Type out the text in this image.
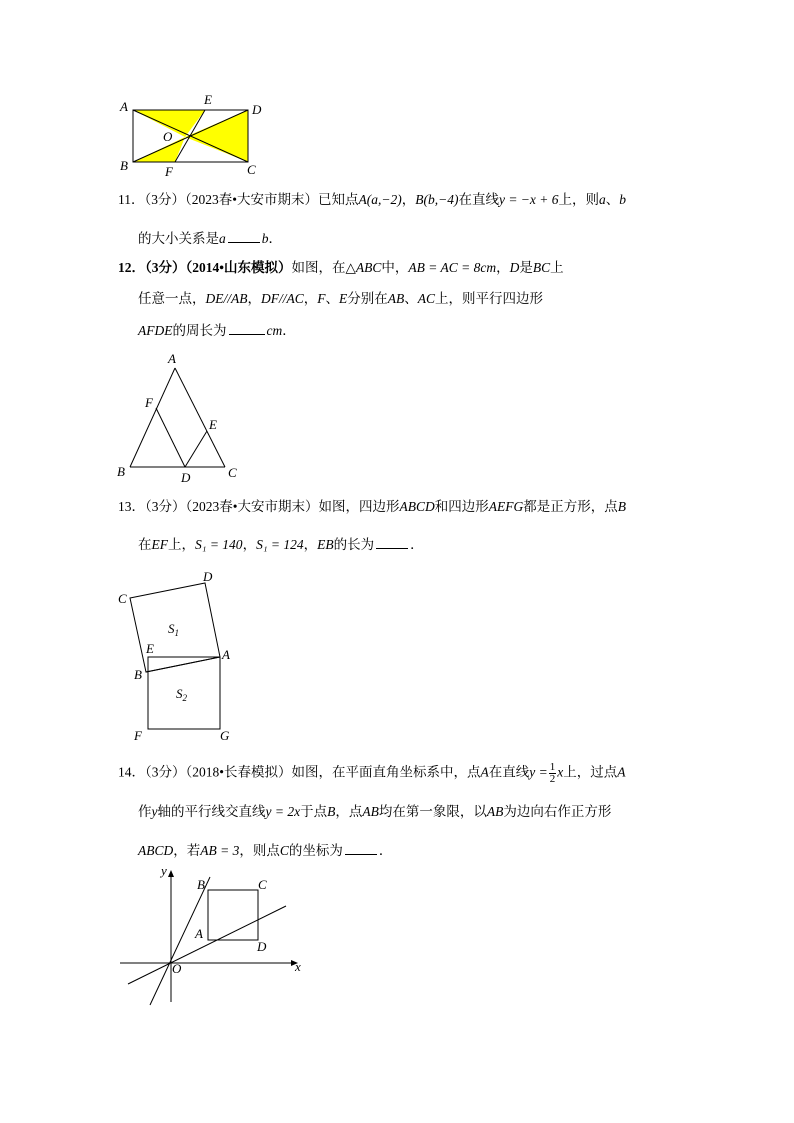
A
B	C
D
E
F
O
11．（3分）（2023春•大安市期末）已知点A(a,−2)，B(b,−4)在直线y = −x + 6上，则a、b
的大小关系是a	b．
12．（3分）（2014•山东模拟）如图，在△ABC中，AB = AC = 8cm，D是BC上
任意一点，DE//AB，DF//AC，F、E分别在AB、AC上，则平行四边形
AFDE的周长为	cm．
A
B	C
D
E
F
13．（3分）（2023春•大安市期末）如图，四边形ABCD和四边形AEFG都是正方形，点B
在EF上，S₁ = 140，S₁ = 124，EB的长为	．
C
D
A
E
B
F	G
$S_1$
$S_2$
14．（3分）（2018•长春模拟）如图，在平面直角坐标系中，点A在直线$y = \frac{1}{2}$ x上，过点A
作y轴的平行线交直线y = 2x于点B，点AB均在第一象限，以AB为边向右作正方形
ABCD，若AB = 3，则点C的坐标为	．
B	C
A
D
O	x
y
